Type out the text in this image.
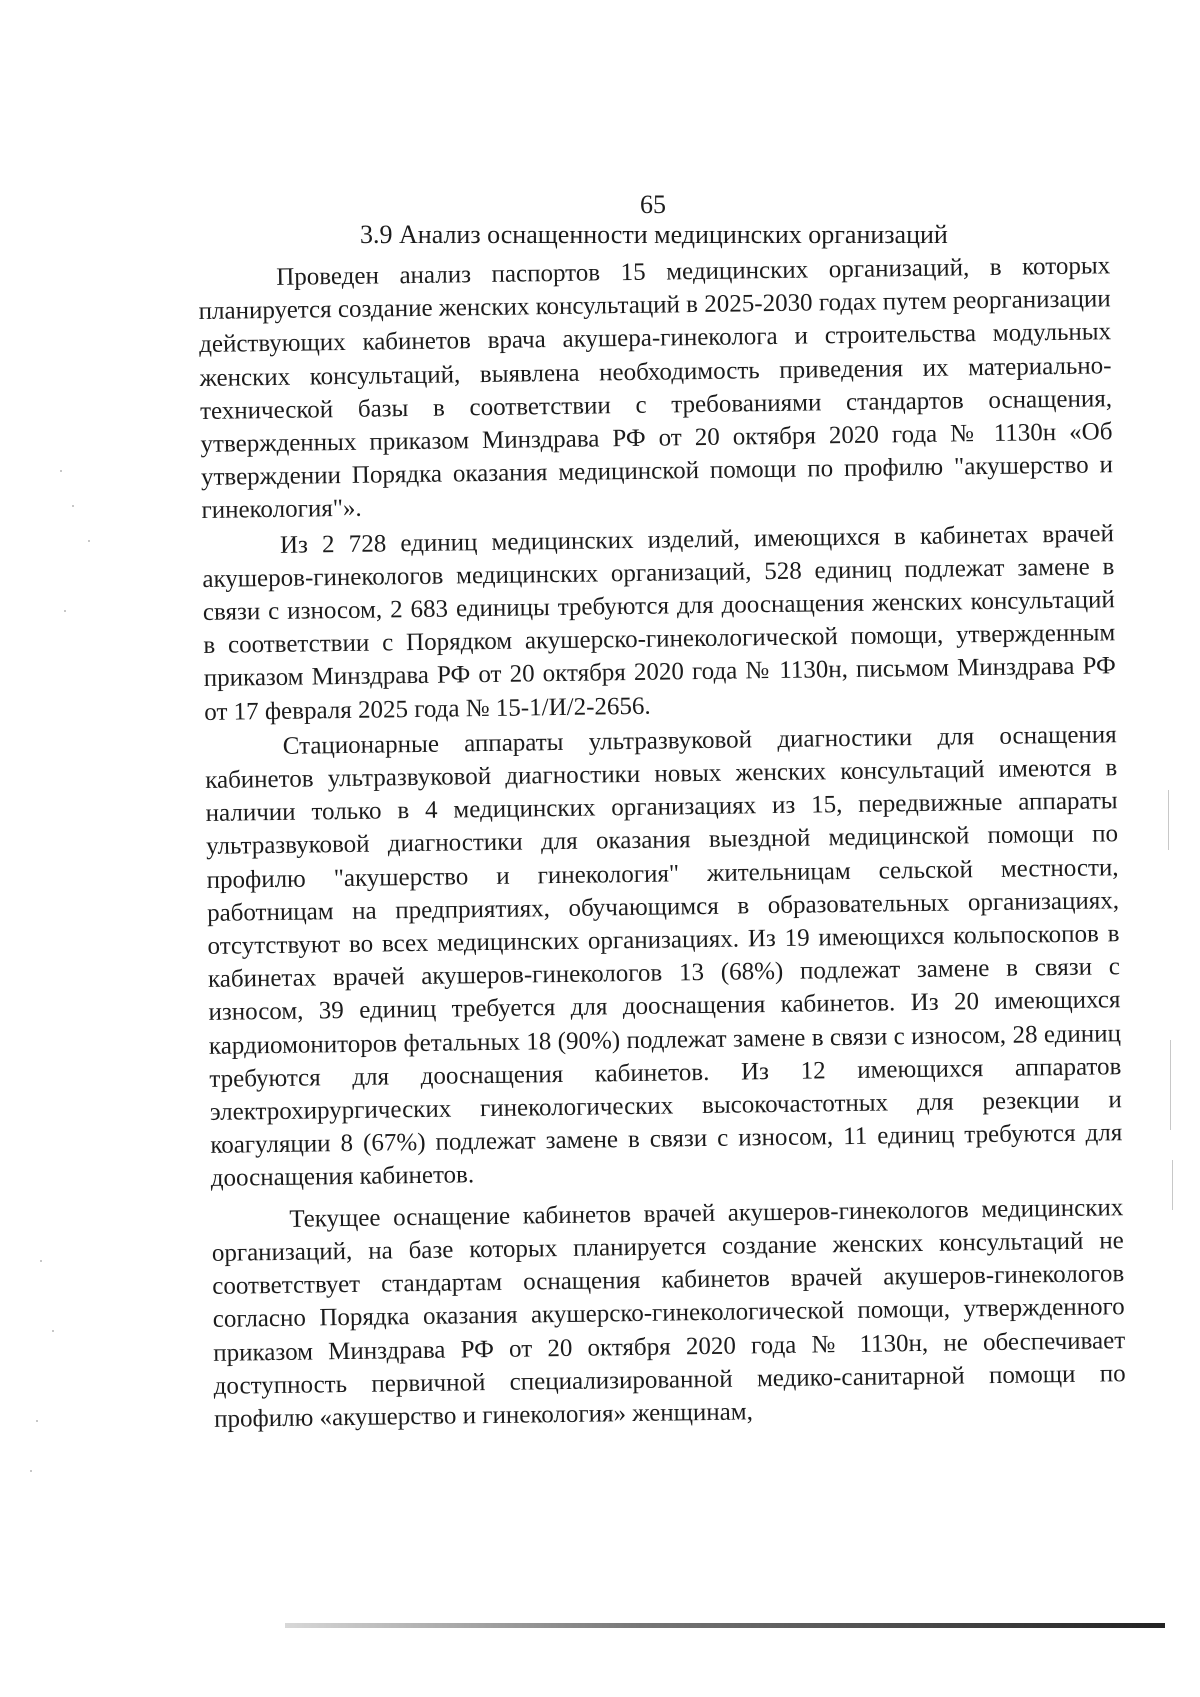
65
3.9 Анализ оснащенности медицинских организаций

Проведен анализ паспортов 15 медицинских организаций, в которых планируется создание женских консультаций в 2025-2030 годах путем реорганизации действующих кабинетов врача акушера-гинеколога и строительства модульных женских консультаций, выявлена необходимость приведения их материально-технической базы в соответствии с требованиями стандартов оснащения, утвержденных приказом Минздрава РФ от 20 октября 2020 года № 1130н «Об утверждении Порядка оказания медицинской помощи по профилю "акушерство и гинекология"».

Из 2 728 единиц медицинских изделий, имеющихся в кабинетах врачей акушеров-гинекологов медицинских организаций, 528 единиц подлежат замене в связи с износом, 2 683 единицы требуются для дооснащения женских консультаций в соответствии с Порядком акушерско-гинекологической помощи, утвержденным приказом Минздрава РФ от 20 октября 2020 года № 1130н, письмом Минздрава РФ от 17 февраля 2025 года № 15-1/И/2-2656.

Стационарные аппараты ультразвуковой диагностики для оснащения кабинетов ультразвуковой диагностики новых женских консультаций имеются в наличии только в 4 медицинских организациях из 15, передвижные аппараты ультразвуковой диагностики для оказания выездной медицинской помощи по профилю "акушерство и гинекология" жительницам сельской местности, работницам на предприятиях, обучающимся в образовательных организациях, отсутствуют во всех медицинских организациях. Из 19 имеющихся кольпоскопов в кабинетах врачей акушеров-гинекологов 13 (68%) подлежат замене в связи с износом, 39 единиц требуется для дооснащения кабинетов. Из 20 имеющихся кардиомониторов фетальных 18 (90%) подлежат замене в связи с износом, 28 единиц требуются для дооснащения кабинетов. Из 12 имеющихся аппаратов электрохирургических гинекологических высокочастотных для резекции и коагуляции 8 (67%) подлежат замене в связи с износом, 11 единиц требуются для дооснащения кабинетов.

Текущее оснащение кабинетов врачей акушеров-гинекологов медицинских организаций, на базе которых планируется создание женских консультаций не соответствует стандартам оснащения кабинетов врачей акушеров-гинекологов согласно Порядка оказания акушерско-гинекологической помощи, утвержденного приказом Минздрава РФ от 20 октября 2020 года № 1130н, не обеспечивает доступность первичной специализированной медико-санитарной помощи по профилю «акушерство и гинекология» женщинам,
